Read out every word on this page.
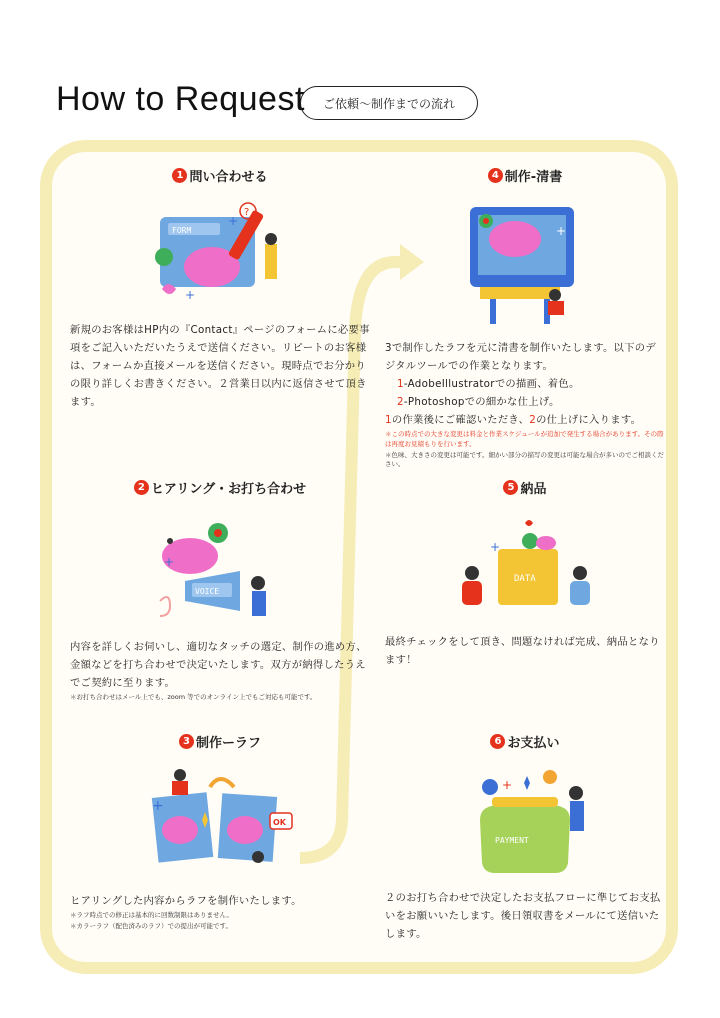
How to Request	ご依頼〜制作までの流れ
1 問い合わせる
FORM
?
+
+
新規のお客様はHP内の『Contact』ページのフォームに必要事項をご記入いただいたうえで送信ください。リピートのお客様は、フォームか直接メールを送信ください。現時点でお分かりの限り詳しくお書きください。２営業日以内に返信させて頂きます。
2 ヒアリング・お打ち合わせ
VOICE
+
内容を詳しくお伺いし、適切なタッチの選定、制作の進め方、金額などを打ち合わせで決定いたします。双方が納得したうえでご契約に至ります。
＊お打ち合わせはメール上でも、zoom 等でのオンライン上でもご対応も可能です。
3 制作ーラフ
OK
+
ヒアリングした内容からラフを制作いたします。
＊ラフ時点での修正は基本的に回数制限はありません。
＊カラーラフ（配色済みのラフ）での提出が可能です。
4 制作-清書
+
3で制作したラフを元に清書を制作いたします。以下のデジタルツールでの作業となります。
1-AdobeIllustratorでの描画、着色。
2-Photoshopでの細かな仕上げ。
1の作業後にご確認いただき、2の仕上げに入ります。
＊この時点での大きな変更は料金と作業スケジュールが追加で発生する場合があります。その際は再度お見積もりを行います。
＊色味、大きさの変更は可能です。細かい部分の描写の変更は可能な場合が多いのでご相談ください。
5 納品
DATA
+
最終チェックをして頂き、問題なければ完成、納品となります！
6 お支払い
PAYMENT
+
２のお打ち合わせで決定したお支払フローに準じてお支払いをお願いいたします。後日領収書をメールにて送信いたします。
